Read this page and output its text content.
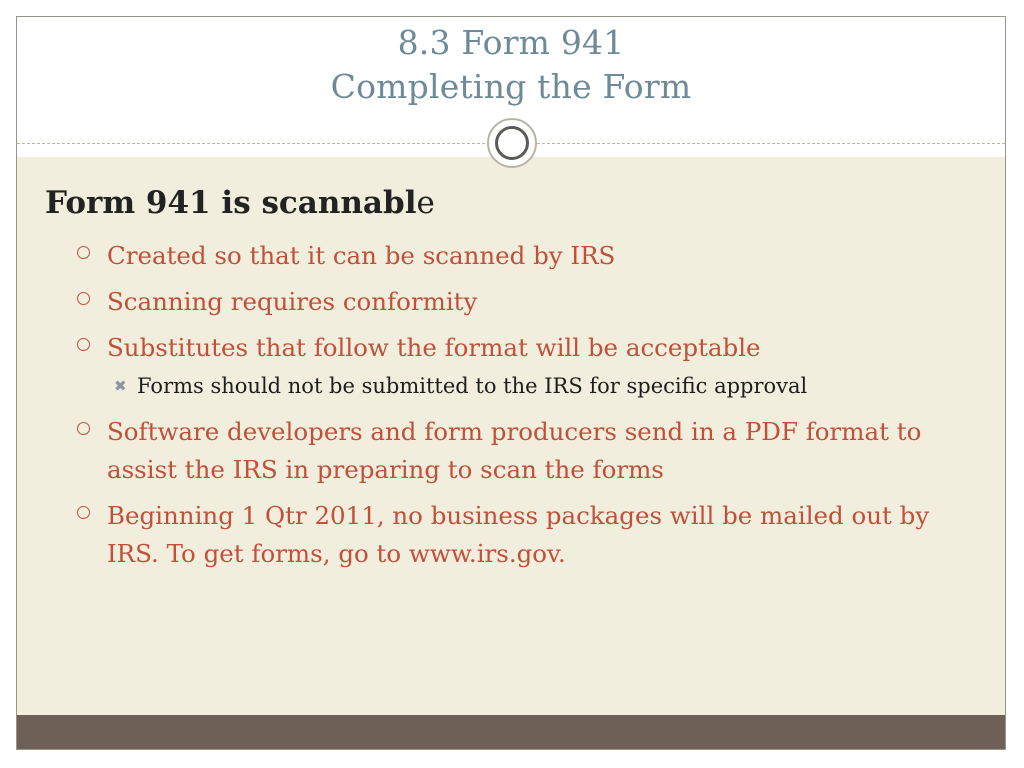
8.3 Form 941
Completing the Form
Form 941 is scannable
Created so that it can be scanned by IRS
Scanning requires conformity
Substitutes that follow the format will be acceptable
✖ Forms should not be submitted to the IRS for specific approval
Software developers and form producers send in a PDF format to assist the IRS in preparing to scan the forms
Beginning 1 Qtr 2011, no business packages will be mailed out by IRS. To get forms, go to www.irs.gov.
